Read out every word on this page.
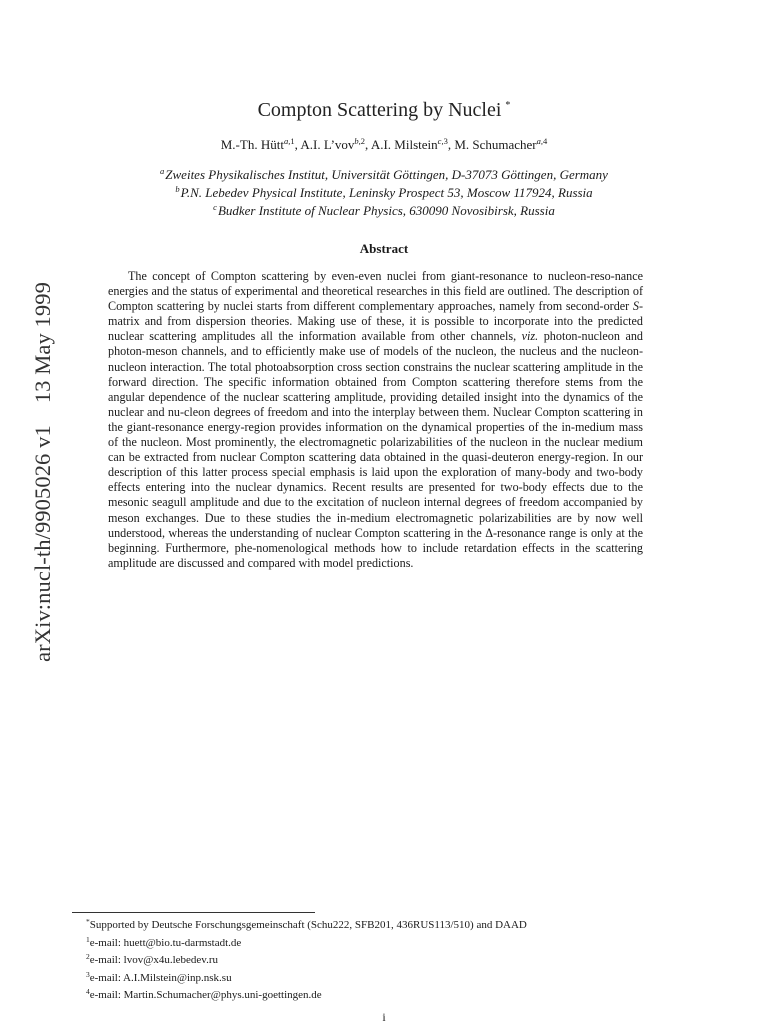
arXiv:nucl-th/9905026 v113 May 1999
Compton Scattering by Nuclei *
M.-Th. Hütt$^{a,1}$, A.I. L’vov$^{b,2}$, A.I. Milstein$^{c,3}$, M. Schumacher$^{a,4}$
$^a$Zweites Physikalisches Institut, Universität Göttingen, D-37073 Göttingen, Germany
$^b$P.N. Lebedev Physical Institute, Leninsky Prospect 53, Moscow 117924, Russia
$^c$Budker Institute of Nuclear Physics, 630090 Novosibirsk, Russia
Abstract

The concept of Compton scattering by even-even nuclei from giant-resonance to nucleon-reso-nance energies and the status of experimental and theoretical researches in this field are outlined. The description of Compton scattering by nuclei starts from different complementary approaches, namely from second-order S-matrix and from dispersion theories. Making use of these, it is possible to incorporate into the predicted nuclear scattering amplitudes all the information available from other channels, viz. photon-nucleon and photon-meson channels, and to efficiently make use of models of the nucleon, the nucleus and the nucleon-nucleon interaction. The total photoabsorption cross section constrains the nuclear scattering amplitude in the forward direction. The specific information obtained from Compton scattering therefore stems from the angular dependence of the nuclear scattering amplitude, providing detailed insight into the dynamics of the nuclear and nu-cleon degrees of freedom and into the interplay between them. Nuclear Compton scattering in the giant-resonance energy-region provides information on the dynamical properties of the in-medium mass of the nucleon. Most prominently, the electromagnetic polarizabilities of the nucleon in the nuclear medium can be extracted from nuclear Compton scattering data obtained in the quasi-deuteron energy-region. In our description of this latter process special emphasis is laid upon the exploration of many-body and two-body effects entering into the nuclear dynamics. Recent results are presented for two-body effects due to the mesonic seagull amplitude and due to the excitation of nucleon internal degrees of freedom accompanied by meson exchanges. Due to these studies the in-medium electromagnetic polarizabilities are by now well understood, whereas the understanding of nuclear Compton scattering in the Δ-resonance range is only at the beginning. Furthermore, phe-nomenological methods how to include retardation effects in the scattering amplitude are discussed and compared with model predictions.

*Supported by Deutsche Forschungsgemeinschaft (Schu222, SFB201, 436RUS113/510) and DAAD
$^1$e-mail: huett@bio.tu-darmstadt.de
$^2$e-mail: lvov@x4u.lebedev.ru
$^3$e-mail: A.I.Milstein@inp.nsk.su
$^4$e-mail: Martin.Schumacher@phys.uni-goettingen.de
i
